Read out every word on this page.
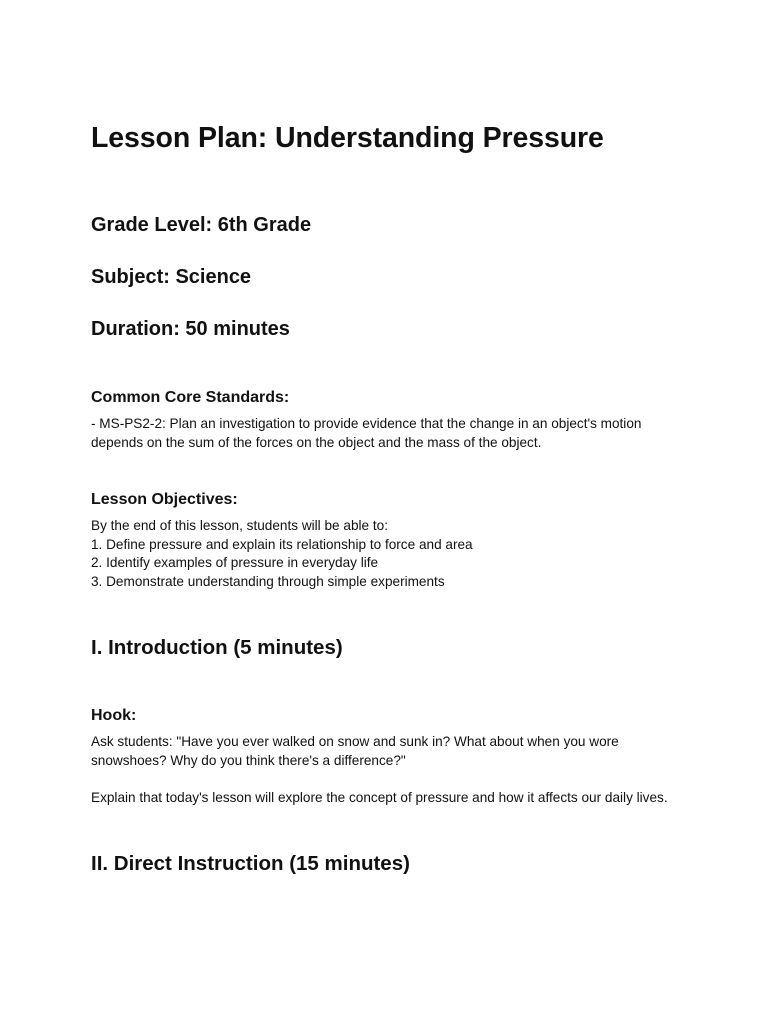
Lesson Plan: Understanding Pressure
Grade Level: 6th Grade
Subject: Science
Duration: 50 minutes
Common Core Standards:

- MS-PS2-2: Plan an investigation to provide evidence that the change in an object's motion
depends on the sum of the forces on the object and the mass of the object.

Lesson Objectives:

By the end of this lesson, students will be able to:
1. Define pressure and explain its relationship to force and area
2. Identify examples of pressure in everyday life
3. Demonstrate understanding through simple experiments

I. Introduction (5 minutes)
Hook:

Ask students: "Have you ever walked on snow and sunk in? What about when you wore
snowshoes? Why do you think there's a difference?"

Explain that today's lesson will explore the concept of pressure and how it affects our daily lives.

II. Direct Instruction (15 minutes)
